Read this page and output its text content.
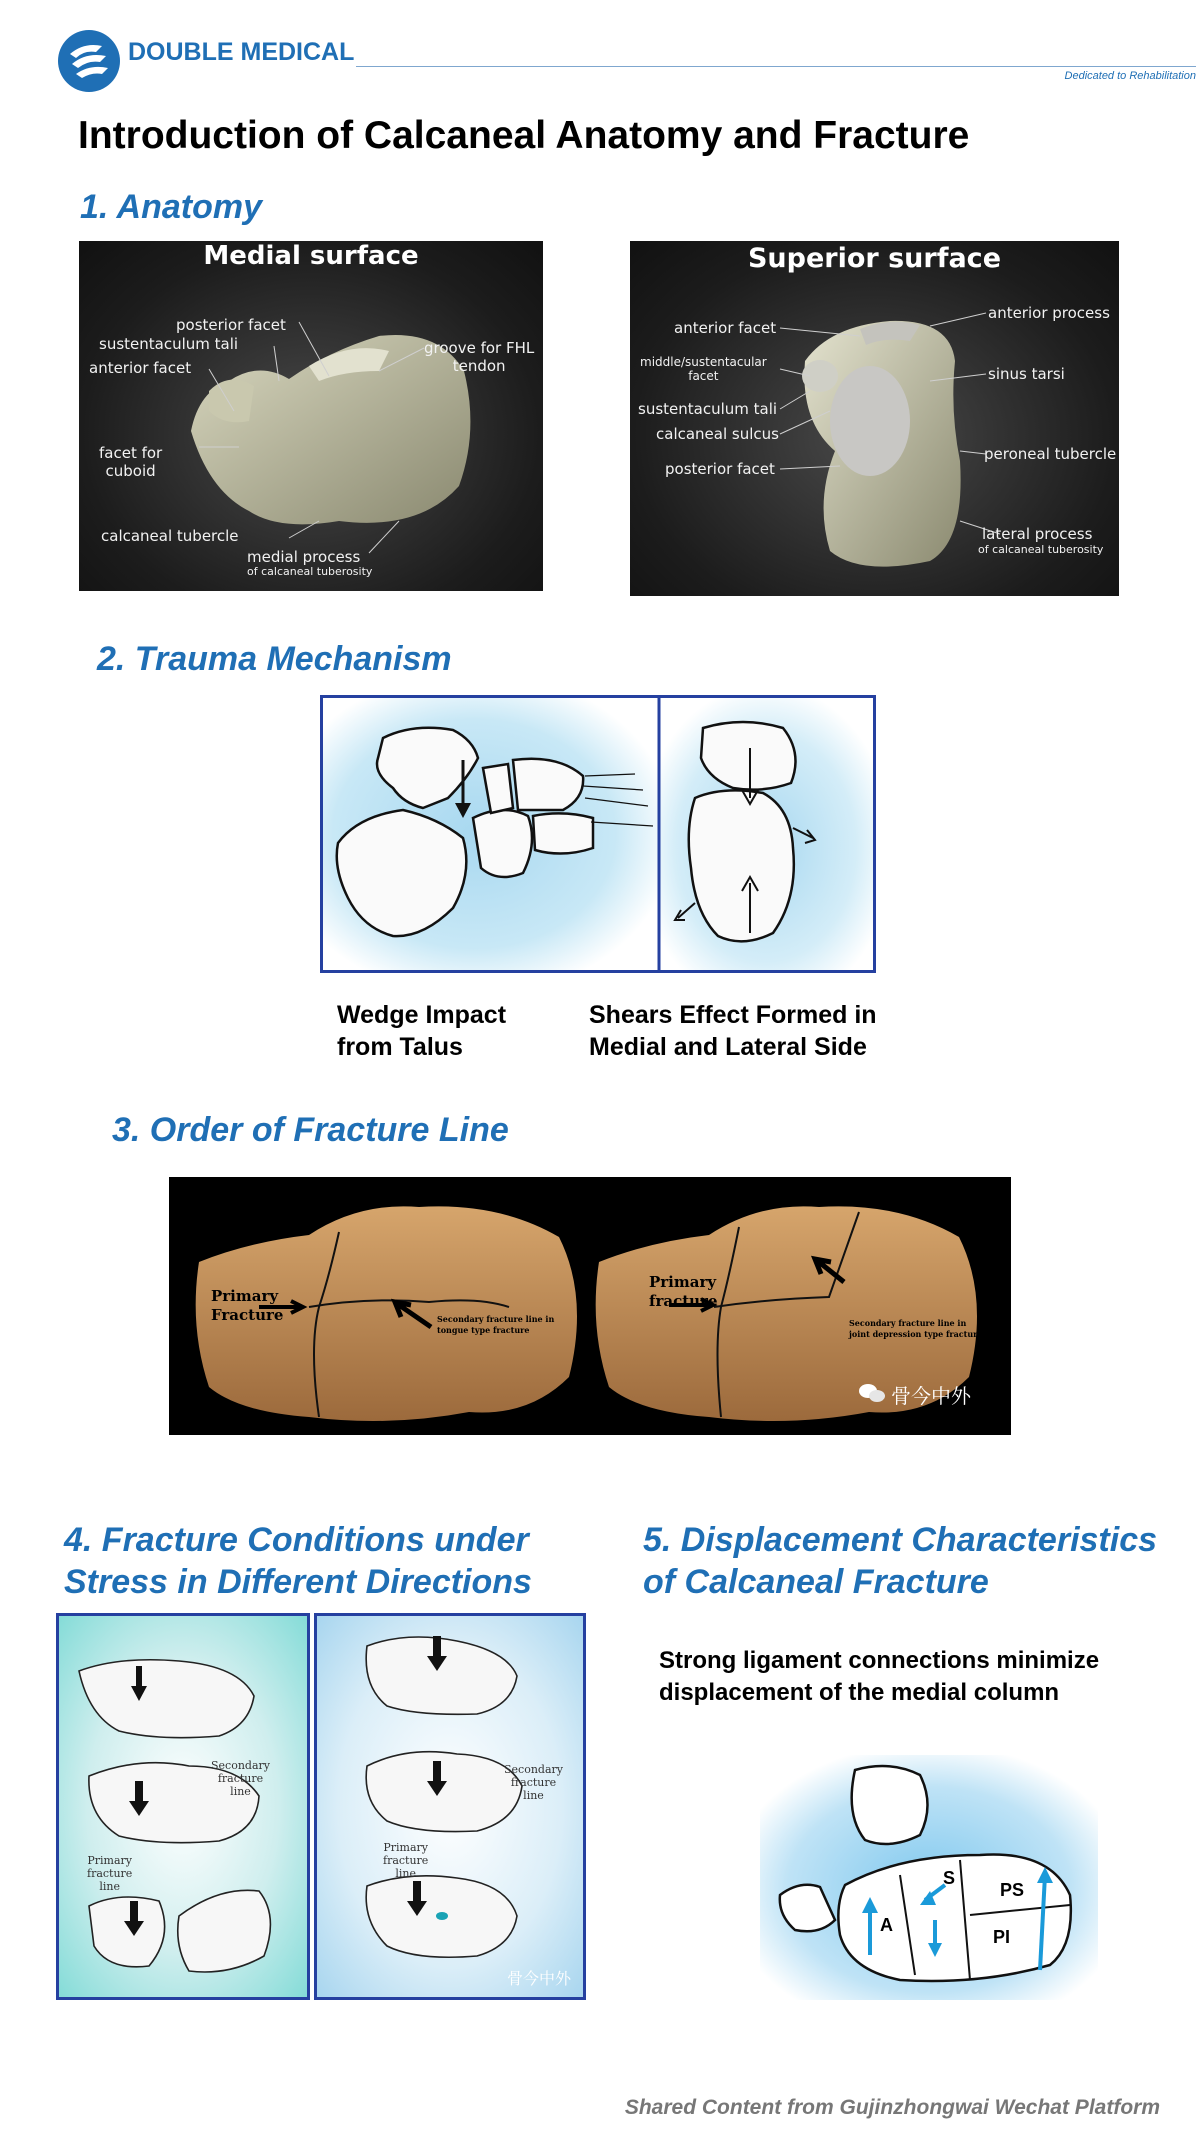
DOUBLE MEDICAL
Dedicated to Rehabilitation
Introduction of Calcaneal Anatomy and Fracture
1. Anatomy
Medial surface
posterior facet
sustentaculum tali
anterior facet
groove for FHL
tendon
facet for
cuboid
calcaneal tubercle
medial process
of calcaneal tuberosity
Superior surface
anterior facet
anterior process
middle/sustentacular
facet	sinus tarsi
sustentaculum tali
calcaneal sulcus
peroneal tubercle
posterior facet
lateral process
of calcaneal tuberosity
2. Trauma Mechanism
Wedge Impact
from Talus
Shears Effect Formed in
Medial and Lateral Side
3. Order of Fracture Line
Primary
Fracture	Secondary fracture line in
tongue type fracture
Primary
fracture
Secondary fracture line in
joint depression type fracture
骨今中外
4. Fracture Conditions under
Stress in Different Directions
Secondary
fracture
line
Primary
fracture
line
Secondary
fracture
line
Primary
fracture
line
骨今中外
5. Displacement Characteristics
of Calcaneal Fracture
Strong ligament connections minimize
displacement of the medial column
S
PS
A
PI
Shared Content from Gujinzhongwai Wechat Platform
